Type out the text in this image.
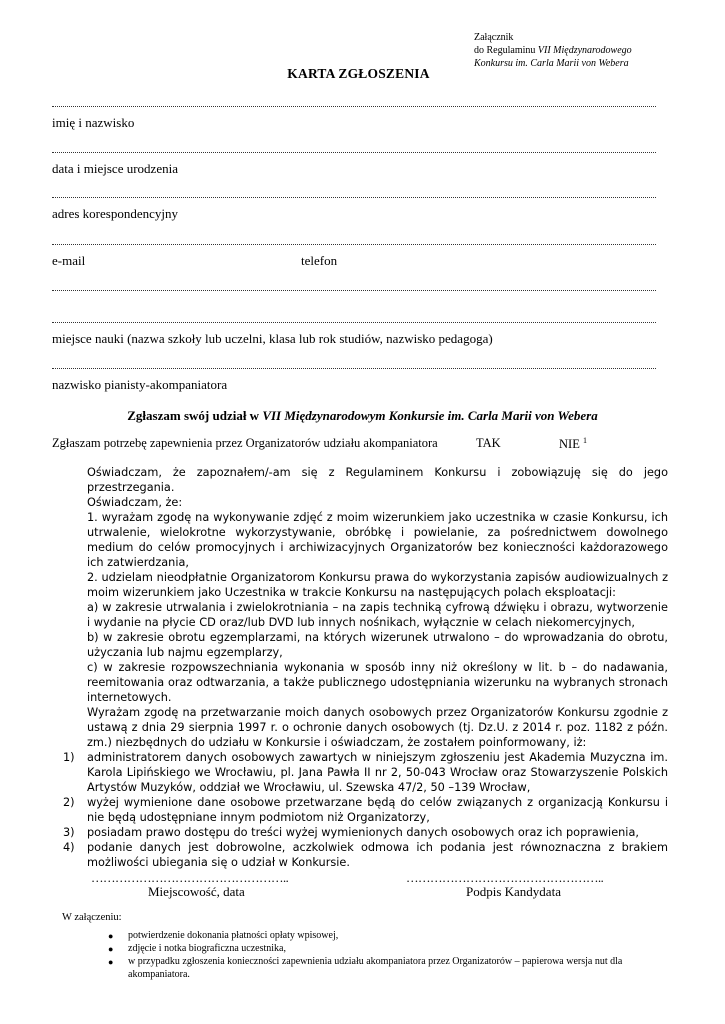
Załącznik
do Regulaminu VII Międzynarodowego
Konkursu im. Carla Marii von Webera
KARTA ZGŁOSZENIA
imię i nazwisko
data i miejsce urodzenia
adres korespondencyjny
e-mail	telefon
miejsce nauki (nazwa szkoły lub uczelni, klasa lub rok studiów, nazwisko pedagoga)
nazwisko pianisty-akompaniatora
Zgłaszam swój udział w VII Międzynarodowym Konkursie im. Carla Marii von Webera
Zgłaszam potrzebę zapewnienia przez Organizatorów udziału akompaniatora	TAK	NIE $^1$

Oświadczam, że zapoznałem/-am się z Regulaminem Konkursu i zobowiązuję się do jego przestrzegania.

Oświadczam, że:

1. wyrażam zgodę na wykonywanie zdjęć z moim wizerunkiem jako uczestnika w czasie Konkursu, ich utrwalenie, wielokrotne wykorzystywanie, obróbkę i powielanie, za pośrednictwem dowolnego medium do celów promocyjnych i archiwizacyjnych Organizatorów bez konieczności każdorazowego ich zatwierdzania,

2. udzielam nieodpłatnie Organizatorom Konkursu prawa do wykorzystania zapisów audiowizualnych z moim wizerunkiem jako Uczestnika w trakcie Konkursu na następujących polach eksploatacji:

a) w zakresie utrwalania i zwielokrotniania – na zapis techniką cyfrową dźwięku i obrazu, wytworzenie i wydanie na płycie CD oraz/lub DVD lub innych nośnikach, wyłącznie w celach niekomercyjnych,

b) w zakresie obrotu egzemplarzami, na których wizerunek utrwalono – do wprowadzania do obrotu, użyczania lub najmu egzemplarzy,

c) w zakresie rozpowszechniania wykonania w sposób inny niż określony w lit. b – do nadawania, reemitowania oraz odtwarzania, a także publicznego udostępniania wizerunku na wybranych stronach internetowych.

Wyrażam zgodę na przetwarzanie moich danych osobowych przez Organizatorów Konkursu zgodnie z ustawą z dnia 29 sierpnia 1997 r. o ochronie danych osobowych (tj. Dz.U. z 2014 r. poz. 1182 z późn. zm.) niezbędnych do udziału w Konkursie i oświadczam, że zostałem poinformowany, iż:

1) administratorem danych osobowych zawartych w niniejszym zgłoszeniu jest Akademia Muzyczna im. Karola Lipińskiego we Wrocławiu, pl. Jana Pawła II nr 2, 50-043 Wrocław oraz Stowarzyszenie Polskich Artystów Muzyków, oddział we Wrocławiu, ul. Szewska 47/2, 50 –139 Wrocław,
2) wyżej wymienione dane osobowe przetwarzane będą do celów związanych z organizacją Konkursu i nie będą udostępniane innym podmiotom niż Organizatorzy,
3) posiadam prawo dostępu do treści wyżej wymienionych danych osobowych oraz ich poprawienia,
4) podanie danych jest dobrowolne, aczkolwiek odmowa ich podania jest równoznaczna z brakiem możliwości ubiegania się o udział w Konkursie.
…………………………………………..
Miejscowość, data
…………………………………………..
Podpis Kandydata
W załączeniu:
● potwierdzenie dokonania płatności opłaty wpisowej,
● zdjęcie i notka biograficzna uczestnika,
● w przypadku zgłoszenia konieczności zapewnienia udziału akompaniatora przez Organizatorów – papierowa wersja nut dla akompaniatora.
